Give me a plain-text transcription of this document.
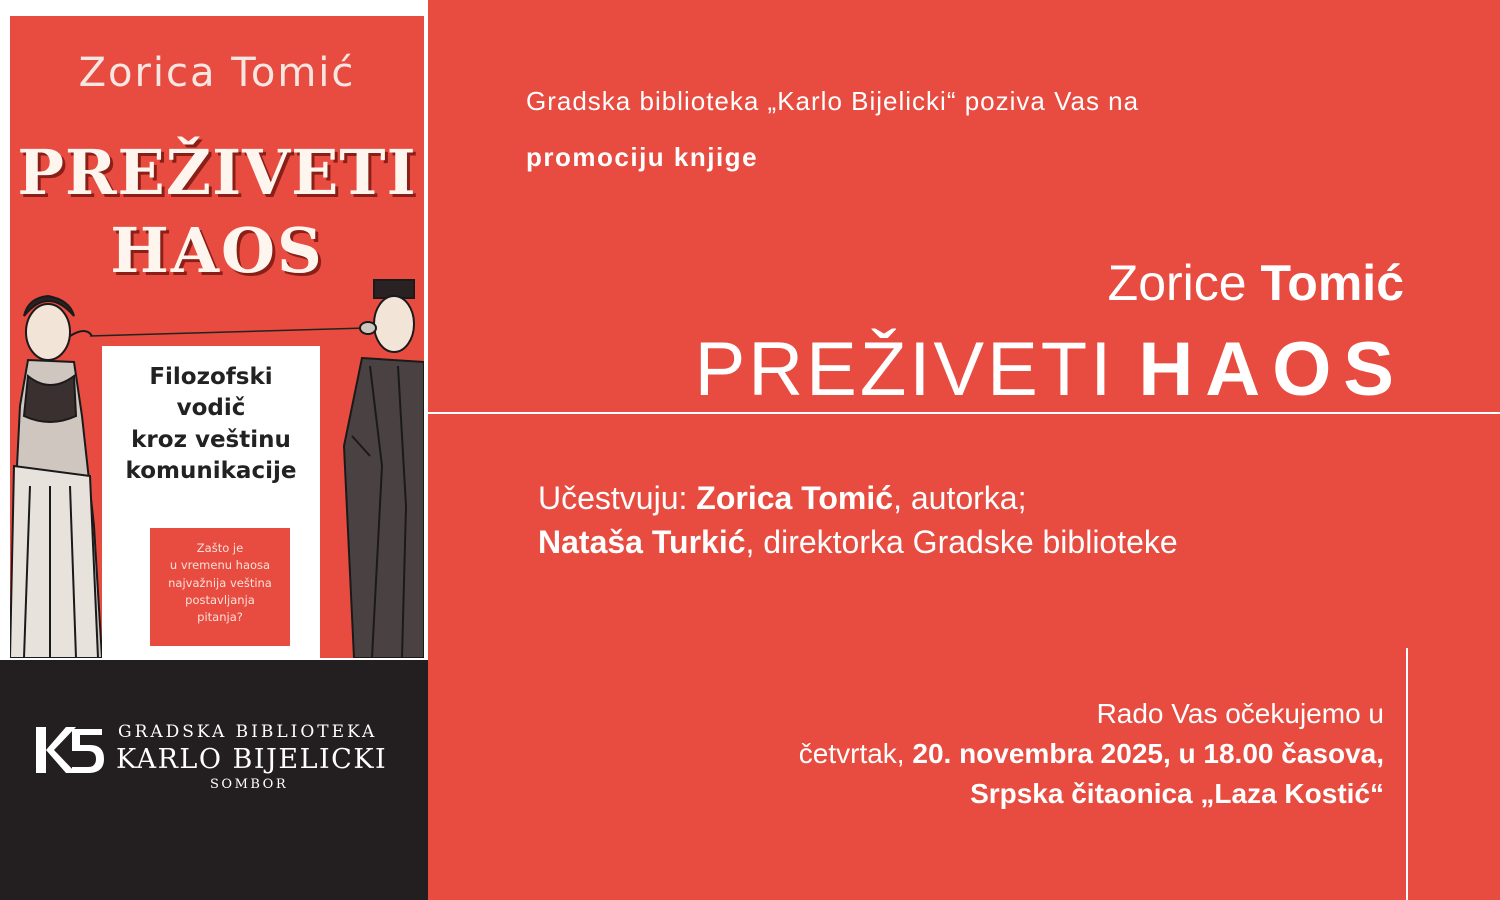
Zorica Tomić
PREŽIVETI
HAOS
Filozofski
vodič
kroz veštinu
komunikacije
Zašto je
u vremenu haosa
najvažnija veština
postavljanja
pitanja?
GRADSKA BIBLIOTEKA
KARLO BIJELICKI
SOMBOR
Gradska biblioteka „Karlo Bijelicki“ poziva Vas na
promociju knjige
Zorice Tomić
PREŽIVETI HAOS
Učestvuju: Zorica Tomić, autorka;
Nataša Turkić, direktorka Gradske biblioteke
Rado Vas očekujemo u
četvrtak, 20. novembra 2025, u 18.00 časova,
Srpska čitaonica „Laza Kostić“
